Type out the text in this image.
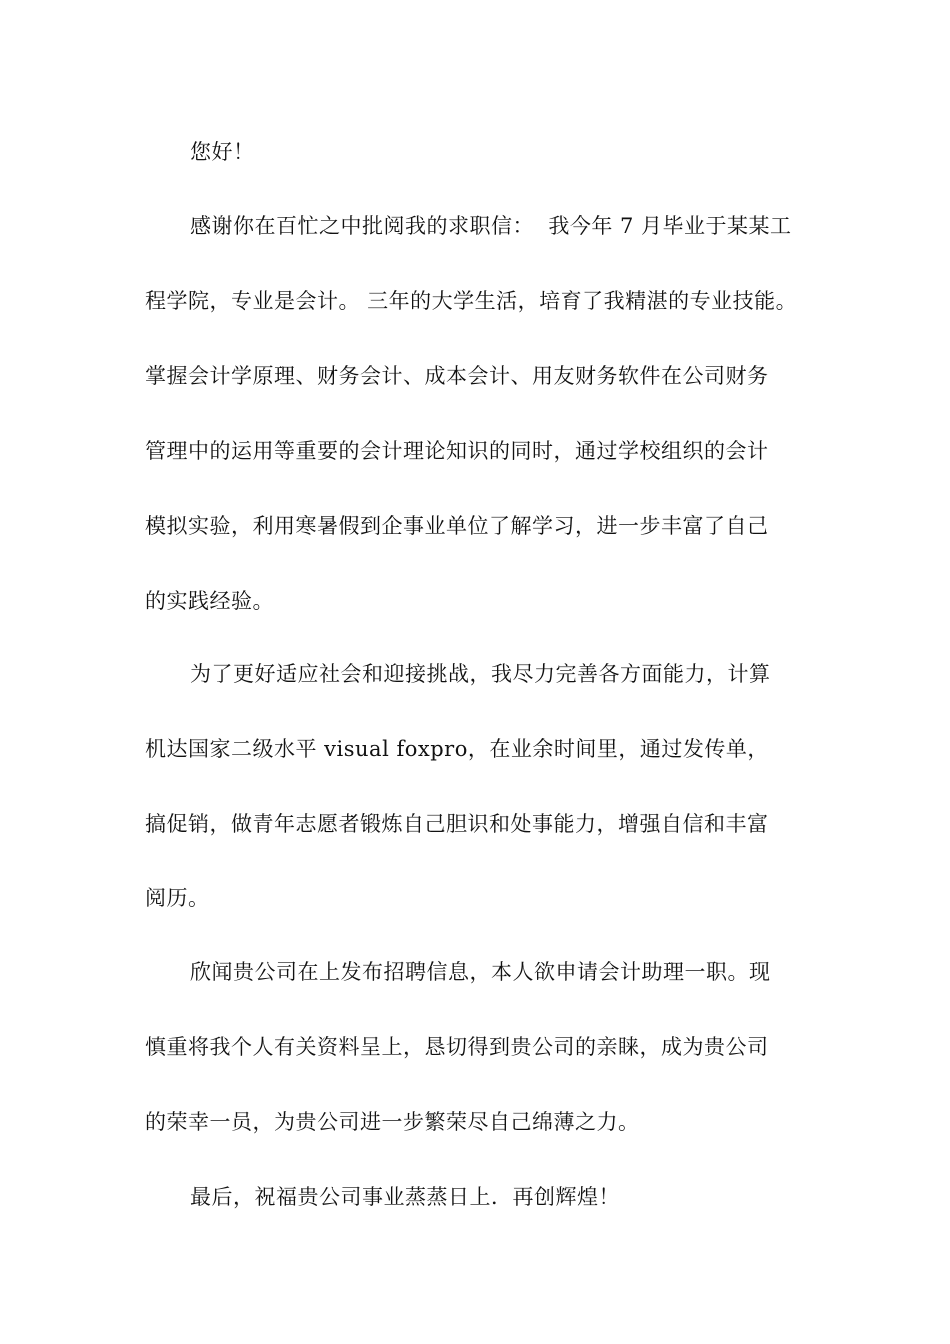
您好！
感谢你在百忙之中批阅我的求职信：  我今年 7 月毕业于某某工
程学院，专业是会计。 三年的大学生活，培育了我精湛的专业技能。
掌握会计学原理、财务会计、成本会计、用友财务软件在公司财务
管理中的运用等重要的会计理论知识的同时，通过学校组织的会计
模拟实验，利用寒暑假到企事业单位了解学习，进一步丰富了自己
的实践经验。
为了更好适应社会和迎接挑战，我尽力完善各方面能力，计算
机达国家二级水平 visual foxpro，在业余时间里，通过发传单，
搞促销，做青年志愿者锻炼自己胆识和处事能力，增强自信和丰富
阅历。
欣闻贵公司在上发布招聘信息，本人欲申请会计助理一职。现
慎重将我个人有关资料呈上，恳切得到贵公司的亲睐，成为贵公司
的荣幸一员，为贵公司进一步繁荣尽自己绵薄之力。
最后，祝福贵公司事业蒸蒸日上．再创辉煌！
